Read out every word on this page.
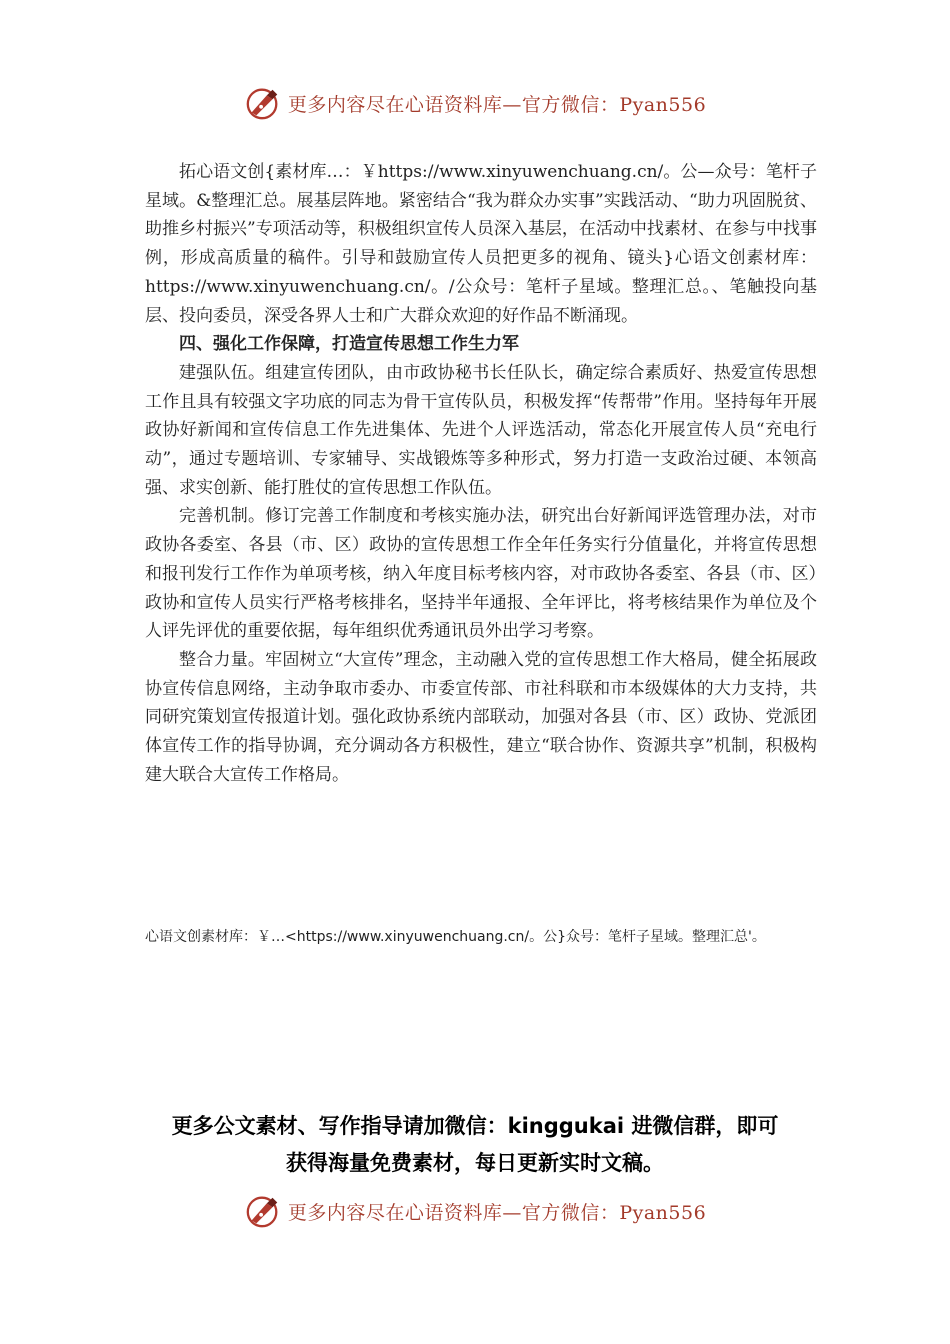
更多内容尽在心语资料库—官方微信：Pyan556

拓心语文创{素材库…：￥https://www.xinyuwenchuang.cn/。公—众号：笔杆子星域。&整理汇总。展基层阵地。紧密结合“我为群众办实事”实践活动、“助力巩固脱贫、助推乡村振兴”专项活动等，积极组织宣传人员深入基层，在活动中找素材、在参与中找事例，形成高质量的稿件。引导和鼓励宣传人员把更多的视角、镜头}心语文创素材库：https://www.xinyuwenchuang.cn/。/公众号：笔杆子星域。整理汇总。、笔触投向基层、投向委员，深受各界人士和广大群众欢迎的好作品不断涌现。

四、强化工作保障，打造宣传思想工作生力军

建强队伍。组建宣传团队，由市政协秘书长任队长，确定综合素质好、热爱宣传思想工作且具有较强文字功底的同志为骨干宣传队员，积极发挥“传帮带”作用。坚持每年开展政协好新闻和宣传信息工作先进集体、先进个人评选活动，常态化开展宣传人员“充电行动”，通过专题培训、专家辅导、实战锻炼等多种形式，努力打造一支政治过硬、本领高强、求实创新、能打胜仗的宣传思想工作队伍。

完善机制。修订完善工作制度和考核实施办法，研究出台好新闻评选管理办法，对市政协各委室、各县（市、区）政协的宣传思想工作全年任务实行分值量化，并将宣传思想和报刊发行工作作为单项考核，纳入年度目标考核内容，对市政协各委室、各县（市、区）政协和宣传人员实行严格考核排名，坚持半年通报、全年评比，将考核结果作为单位及个人评先评优的重要依据，每年组织优秀通讯员外出学习考察。

整合力量。牢固树立“大宣传”理念，主动融入党的宣传思想工作大格局，健全拓展政协宣传信息网络，主动争取市委办、市委宣传部、市社科联和市本级媒体的大力支持，共同研究策划宣传报道计划。强化政协系统内部联动，加强对各县（市、区）政协、党派团体宣传工作的指导协调，充分调动各方积极性，建立“联合协作、资源共享”机制，积极构建大联合大宣传工作格局。

心语文创素材库：￥…<https://www.xinyuwenchuang.cn/。公}众号：笔杆子星域。整理汇总'。
更多公文素材、写作指导请加微信：kinggukai 进微信群，即可
获得海量免费素材，每日更新实时文稿。
更多内容尽在心语资料库—官方微信：Pyan556
